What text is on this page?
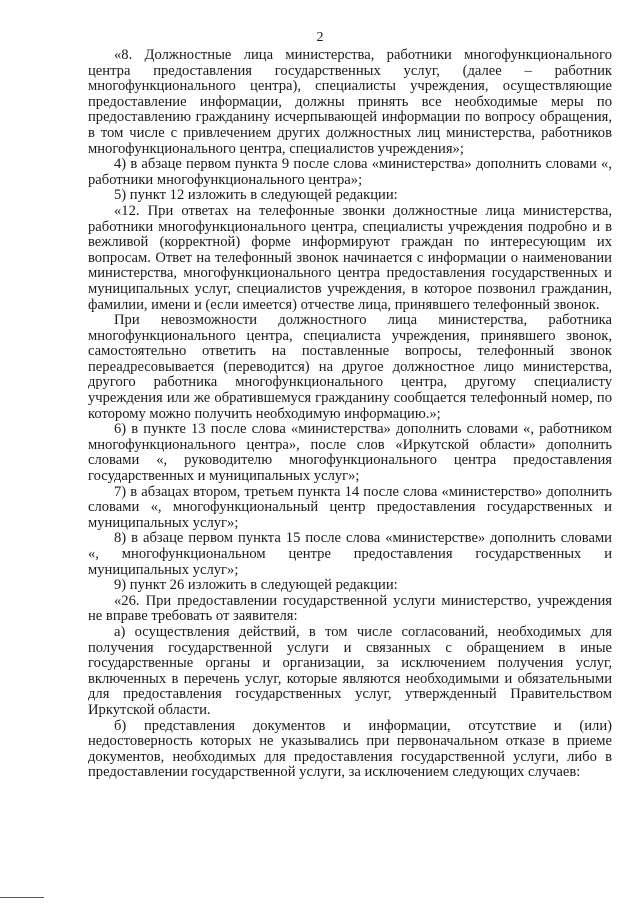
2

«8. Должностные лица министерства, работники многофункционального центра предоставления государственных услуг, (далее – работник многофункционального центра), специалисты учреждения, осуществляющие предоставление информации, должны принять все необходимые меры по предоставлению гражданину исчерпывающей информации по вопросу обращения, в том числе с привлечением других должностных лиц министерства, работников многофункционального центра, специалистов учреждения»;

4) в абзаце первом пункта 9 после слова «министерства» дополнить словами «, работники многофункционального центра»;

5) пункт 12 изложить в следующей редакции:

«12. При ответах на телефонные звонки должностные лица министерства, работники многофункционального центра, специалисты учреждения подробно и в вежливой (корректной) форме информируют граждан по интересующим их вопросам. Ответ на телефонный звонок начинается с информации о наименовании министерства, многофункционального центра предоставления государственных и муниципальных услуг, специалистов учреждения, в которое позвонил гражданин, фамилии, имени и (если имеется) отчестве лица, принявшего телефонный звонок.

При невозможности должностного лица министерства, работника многофункционального центра, специалиста учреждения, принявшего звонок, самостоятельно ответить на поставленные вопросы, телефонный звонок переадресовывается (переводится) на другое должностное лицо министерства, другого работника многофункционального центра, другому специалисту учреждения или же обратившемуся гражданину сообщается телефонный номер, по которому можно получить необходимую информацию.»;

6) в пункте 13 после слова «министерства» дополнить словами «, работником многофункционального центра», после слов «Иркутской области» дополнить словами «, руководителю многофункционального центра предоставления государственных и муниципальных услуг»;

7) в абзацах втором, третьем пункта 14 после слова «министерство» дополнить словами «, многофункциональный центр предоставления государственных и муниципальных услуг»;

8) в абзаце первом пункта 15 после слова «министерстве» дополнить словами «, многофункциональном центре предоставления государственных и муниципальных услуг»;

9) пункт 26 изложить в следующей редакции:

«26. При предоставлении государственной услуги министерство, учреждения не вправе требовать от заявителя:

а) осуществления действий, в том числе согласований, необходимых для получения государственной услуги и связанных с обращением в иные государственные органы и организации, за исключением получения услуг, включенных в перечень услуг, которые являются необходимыми и обязательными для предоставления государственных услуг, утвержденный Правительством Иркутской области.

б) представления документов и информации, отсутствие и (или) недостоверность которых не указывались при первоначальном отказе в приеме документов, необходимых для предоставления государственной услуги, либо в предоставлении государственной услуги, за исключением следующих случаев:
